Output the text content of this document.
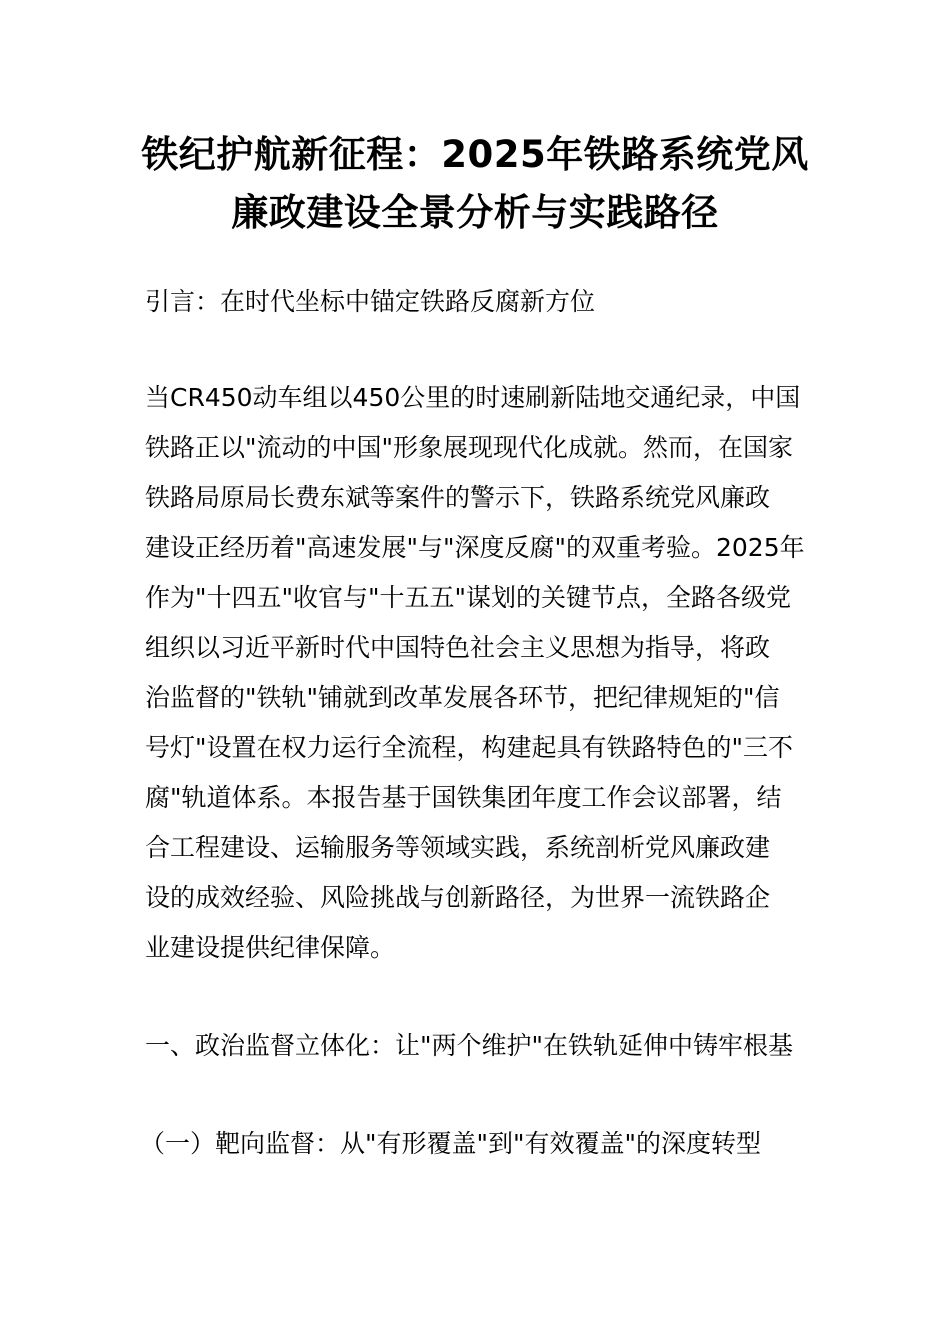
铁纪护航新征程：2025年铁路系统党风
廉政建设全景分析与实践路径
引言：在时代坐标中锚定铁路反腐新方位
当CR450动车组以450公里的时速刷新陆地交通纪录，中国
铁路正以"流动的中国"形象展现现代化成就。然而，在国家
铁路局原局长费东斌等案件的警示下，铁路系统党风廉政
建设正经历着"高速发展"与"深度反腐"的双重考验。2025年
作为"十四五"收官与"十五五"谋划的关键节点，全路各级党
组织以习近平新时代中国特色社会主义思想为指导，将政
治监督的"铁轨"铺就到改革发展各环节，把纪律规矩的"信
号灯"设置在权力运行全流程，构建起具有铁路特色的"三不
腐"轨道体系。本报告基于国铁集团年度工作会议部署，结
合工程建设、运输服务等领域实践，系统剖析党风廉政建
设的成效经验、风险挑战与创新路径，为世界一流铁路企
业建设提供纪律保障。
一、政治监督立体化：让"两个维护"在铁轨延伸中铸牢根基
（一）靶向监督：从"有形覆盖"到"有效覆盖"的深度转型
